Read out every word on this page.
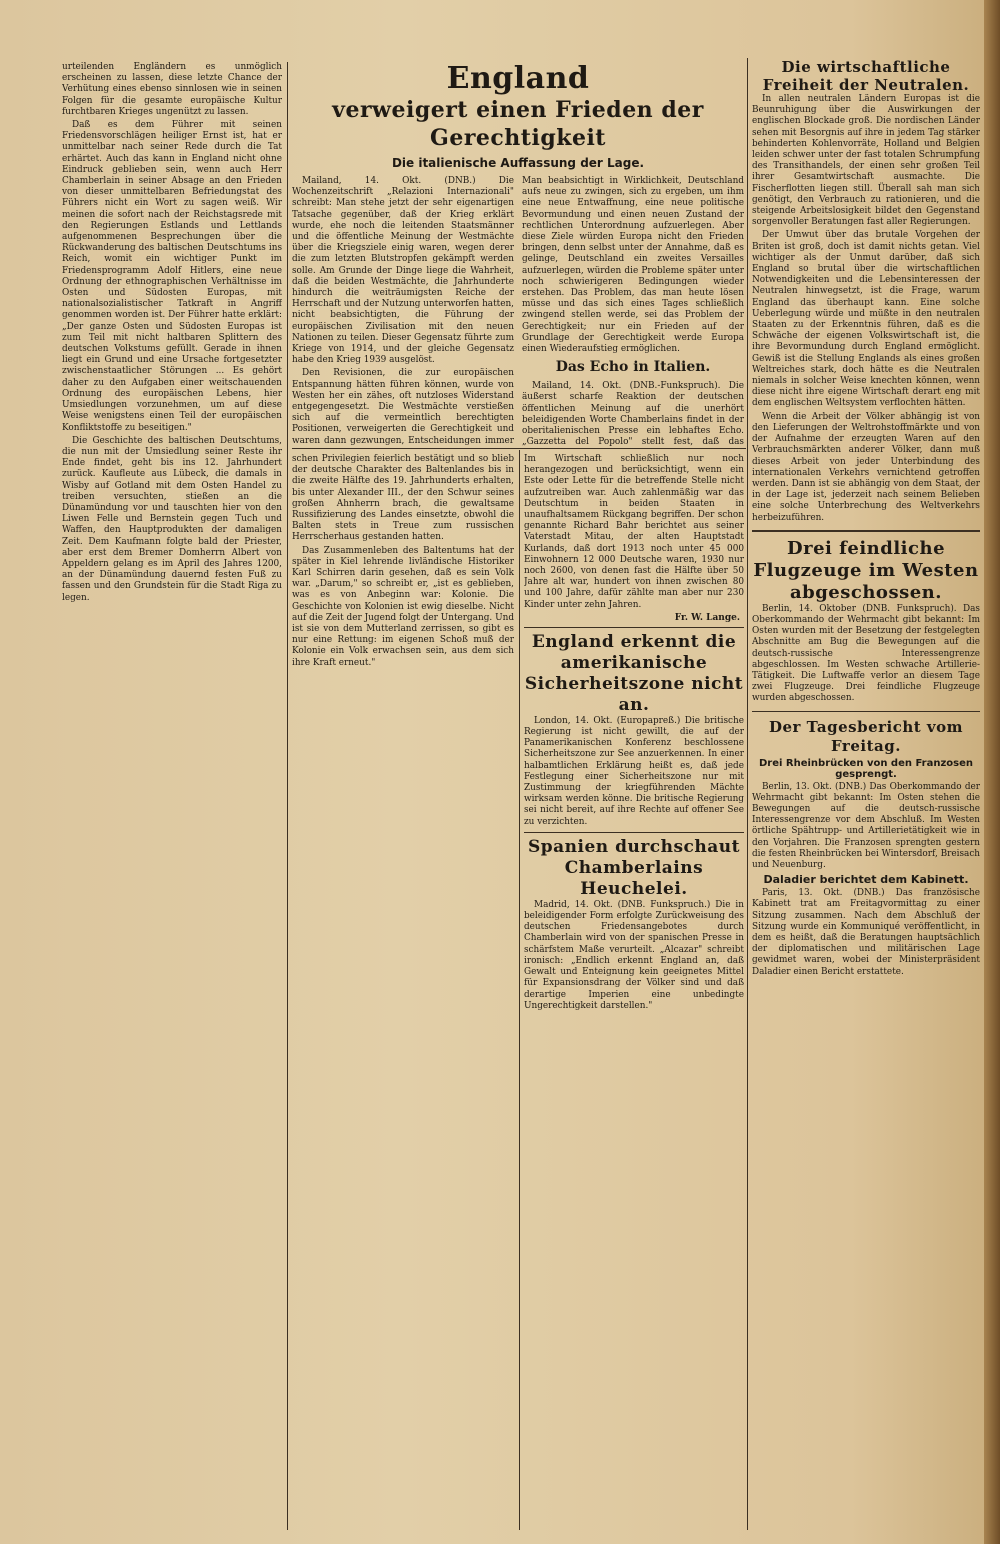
urteilenden Engländern es unmöglich erscheinen zu lassen, diese letzte Chance der Verhütung eines ebenso sinnlosen wie in seinen Folgen für die gesamte europäische Kultur furchtbaren Krieges ungenützt zu lassen.

Daß es dem Führer mit seinen Friedensvorschlägen heiliger Ernst ist, hat er unmittelbar nach seiner Rede durch die Tat erhärtet. Auch das kann in England nicht ohne Eindruck geblieben sein, wenn auch Herr Chamberlain in seiner Absage an den Frieden von dieser unmittelbaren Befriedungstat des Führers nicht ein Wort zu sagen weiß. Wir meinen die sofort nach der Reichstagsrede mit den Regierungen Estlands und Lettlands aufgenommenen Besprechungen über die Rückwanderung des baltischen Deutschtums ins Reich, womit ein wichtiger Punkt im Friedensprogramm Adolf Hitlers, eine neue Ordnung der ethnographischen Verhältnisse im Osten und Südosten Europas, mit nationalsozialistischer Tatkraft in Angriff genommen worden ist. Der Führer hatte erklärt: „Der ganze Osten und Südosten Europas ist zum Teil mit nicht haltbaren Splittern des deutschen Volkstums gefüllt. Gerade in ihnen liegt ein Grund und eine Ursache fortgesetzter zwischenstaatlicher Störungen ... Es gehört daher zu den Aufgaben einer weitschauenden Ordnung des europäischen Lebens, hier Umsiedlungen vorzunehmen, um auf diese Weise wenigstens einen Teil der europäischen Konfliktstoffe zu beseitigen."

Die Geschichte des baltischen Deutschtums, die nun mit der Umsiedlung seiner Reste ihr Ende findet, geht bis ins 12. Jahrhundert zurück. Kaufleute aus Lübeck, die damals in Wisby auf Gotland mit dem Osten Handel zu treiben versuchten, stießen an die Dünamündung vor und tauschten hier von den Liwen Felle und Bernstein gegen Tuch und Waffen, den Hauptprodukten der damaligen Zeit. Dem Kaufmann folgte bald der Priester, aber erst dem Bremer Domherrn Albert von Appeldern gelang es im April des Jahres 1200, an der Dünamündung dauernd festen Fuß zu fassen und den Grundstein für die Stadt Riga zu legen.

England
verweigert einen Frieden der Gerechtigkeit
Die italienische Auffassung der Lage.

Mailand, 14. Okt. (DNB.) Die Wochenzeitschrift „Relazioni Internazionali" schreibt: Man stehe jetzt der sehr eigenartigen Tatsache gegenüber, daß der Krieg erklärt wurde, ehe noch die leitenden Staatsmänner und die öffentliche Meinung der Westmächte über die Kriegsziele einig waren, wegen derer die zum letzten Blutstropfen gekämpft werden solle. Am Grunde der Dinge liege die Wahrheit, daß die beiden Westmächte, die Jahrhunderte hindurch die weiträumigsten Reiche der Herrschaft und der Nutzung unterworfen hatten, nicht beabsichtigten, die Führung der europäischen Zivilisation mit den neuen Nationen zu teilen. Dieser Gegensatz führte zum Kriege von 1914, und der gleiche Gegensatz habe den Krieg 1939 ausgelöst.

Den Revisionen, die zur europäischen Entspannung hätten führen können, wurde von Westen her ein zähes, oft nutzloses Widerstand entgegengesetzt. Die Westmächte verstießen sich auf die vermeintlich berechtigten Positionen, verweigerten die Gerechtigkeit und waren dann gezwungen, Entscheidungen immer

Man beabsichtigt in Wirklichkeit, Deutschland aufs neue zu zwingen, sich zu ergeben, um ihm eine neue Entwaffnung, eine neue politische Bevormundung und einen neuen Zustand der rechtlichen Unterordnung aufzuerlegen. Aber diese Ziele würden Europa nicht den Frieden bringen, denn selbst unter der Annahme, daß es gelinge, Deutschland ein zweites Versailles aufzuerlegen, würden die Probleme später unter noch schwierigeren Bedingungen wieder erstehen. Das Problem, das man heute lösen müsse und das sich eines Tages schließlich zwingend stellen werde, sei das Problem der Gerechtigkeit; nur ein Frieden auf der Grundlage der Gerechtigkeit werde Europa einen Wiederaufstieg ermöglichen.

Das Echo in Italien.

Mailand, 14. Okt. (DNB.-Funkspruch). Die äußerst scharfe Reaktion der deutschen öffentlichen Meinung auf die unerhört beleidigenden Worte Chamberlains findet in der oberitalienischen Presse ein lebhaftes Echo. „Gazzetta del Popolo" stellt fest, daß das

schen Privilegien feierlich bestätigt und so blieb der deutsche Charakter des Baltenlandes bis in die zweite Hälfte des 19. Jahrhunderts erhalten, bis unter Alexander III., der den Schwur seines großen Ahnherrn brach, die gewaltsame Russifizierung des Landes einsetzte, obwohl die Balten stets in Treue zum russischen Herrscherhaus gestanden hatten.

Das Zusammenleben des Baltentums hat der später in Kiel lehrende livländische Historiker Karl Schirren darin gesehen, daß es sein Volk war. „Darum," so schreibt er, „ist es geblieben, was es von Anbeginn war: Kolonie. Die Geschichte von Kolonien ist ewig dieselbe. Nicht auf die Zeit der Jugend folgt der Untergang. Und ist sie von dem Mutterland zerrissen, so gibt es nur eine Rettung: im eigenen Schoß muß der Kolonie ein Volk erwachsen sein, aus dem sich ihre Kraft erneut."

Im Wirtschaft schließlich nur noch herangezogen und berücksichtigt, wenn ein Este oder Lette für die betreffende Stelle nicht aufzutreiben war. Auch zahlenmäßig war das Deutschtum in beiden Staaten in unaufhaltsamem Rückgang begriffen. Der schon genannte Richard Bahr berichtet aus seiner Vaterstadt Mitau, der alten Hauptstadt Kurlands, daß dort 1913 noch unter 45 000 Einwohnern 12 000 Deutsche waren, 1930 nur noch 2600, von denen fast die Hälfte über 50 Jahre alt war, hundert von ihnen zwischen 80 und 100 Jahre, dafür zählte man aber nur 230 Kinder unter zehn Jahren.

Fr. W. Lange.
England erkennt die amerikanische Sicherheitszone nicht an.

London, 14. Okt. (Europapreß.) Die britische Regierung ist nicht gewillt, die auf der Panamerikanischen Konferenz beschlossene Sicherheitszone zur See anzuerkennen. In einer halbamtlichen Erklärung heißt es, daß jede Festlegung einer Sicherheitszone nur mit Zustimmung der kriegführenden Mächte wirksam werden könne. Die britische Regierung sei nicht bereit, auf ihre Rechte auf offener See zu verzichten.

Spanien durchschaut Chamberlains Heuchelei.

Madrid, 14. Okt. (DNB. Funkspruch.) Die in beleidigender Form erfolgte Zurückweisung des deutschen Friedensangebotes durch Chamberlain wird von der spanischen Presse in schärfstem Maße verurteilt. „Alcazar" schreibt ironisch: „Endlich erkennt England an, daß Gewalt und Enteignung kein geeignetes Mittel für Expansionsdrang der Völker sind und daß derartige Imperien eine unbedingte Ungerechtigkeit darstellen."

Die wirtschaftliche Freiheit der Neutralen.

In allen neutralen Ländern Europas ist die Beunruhigung über die Auswirkungen der englischen Blockade groß. Die nordischen Länder sehen mit Besorgnis auf ihre in jedem Tag stärker behinderten Kohlenvorräte, Holland und Belgien leiden schwer unter der fast totalen Schrumpfung des Transithandels, der einen sehr großen Teil ihrer Gesamtwirtschaft ausmachte. Die Fischerflotten liegen still. Überall sah man sich genötigt, den Verbrauch zu rationieren, und die steigende Arbeitslosigkeit bildet den Gegenstand sorgenvoller Beratungen fast aller Regierungen.

Der Umwut über das brutale Vorgehen der Briten ist groß, doch ist damit nichts getan. Viel wichtiger als der Unmut darüber, daß sich England so brutal über die wirtschaftlichen Notwendigkeiten und die Lebensinteressen der Neutralen hinwegsetzt, ist die Frage, warum England das überhaupt kann. Eine solche Ueberlegung würde und müßte in den neutralen Staaten zu der Erkenntnis führen, daß es die Schwäche der eigenen Volkswirtschaft ist, die ihre Bevormundung durch England ermöglicht. Gewiß ist die Stellung Englands als eines großen Weltreiches stark, doch hätte es die Neutralen niemals in solcher Weise knechten können, wenn diese nicht ihre eigene Wirtschaft derart eng mit dem englischen Weltsystem verflochten hätten.

Wenn die Arbeit der Völker abhängig ist von den Lieferungen der Weltrohstoffmärkte und von der Aufnahme der erzeugten Waren auf den Verbrauchsmärkten anderer Völker, dann muß dieses Arbeit von jeder Unterbindung des internationalen Verkehrs vernichtend getroffen werden. Dann ist sie abhängig von dem Staat, der in der Lage ist, jederzeit nach seinem Belieben eine solche Unterbrechung des Weltverkehrs herbeizuführen.

Drei feindliche Flugzeuge im Westen abgeschossen.

Berlin, 14. Oktober (DNB. Funkspruch). Das Oberkommando der Wehrmacht gibt bekannt: Im Osten wurden mit der Besetzung der festgelegten Abschnitte am Bug die Bewegungen auf die deutsch-russische Interessengrenze abgeschlossen. Im Westen schwache Artillerie-Tätigkeit. Die Luftwaffe verlor an diesem Tage zwei Flugzeuge. Drei feindliche Flugzeuge wurden abgeschossen.

Der Tagesbericht vom Freitag.
Drei Rheinbrücken von den Franzosen gesprengt.

Berlin, 13. Okt. (DNB.) Das Oberkommando der Wehrmacht gibt bekannt: Im Osten stehen die Bewegungen auf die deutsch-russische Interessengrenze vor dem Abschluß. Im Westen örtliche Spähtrupp- und Artillerietätigkeit wie in den Vorjahren. Die Franzosen sprengten gestern die festen Rheinbrücken bei Wintersdorf, Breisach und Neuenburg.

Daladier berichtet dem Kabinett.

Paris, 13. Okt. (DNB.) Das französische Kabinett trat am Freitagvormittag zu einer Sitzung zusammen. Nach dem Abschluß der Sitzung wurde ein Kommuniqué veröffentlicht, in dem es heißt, daß die Beratungen hauptsächlich der diplomatischen und militärischen Lage gewidmet waren, wobei der Ministerpräsident Daladier einen Bericht erstattete.
